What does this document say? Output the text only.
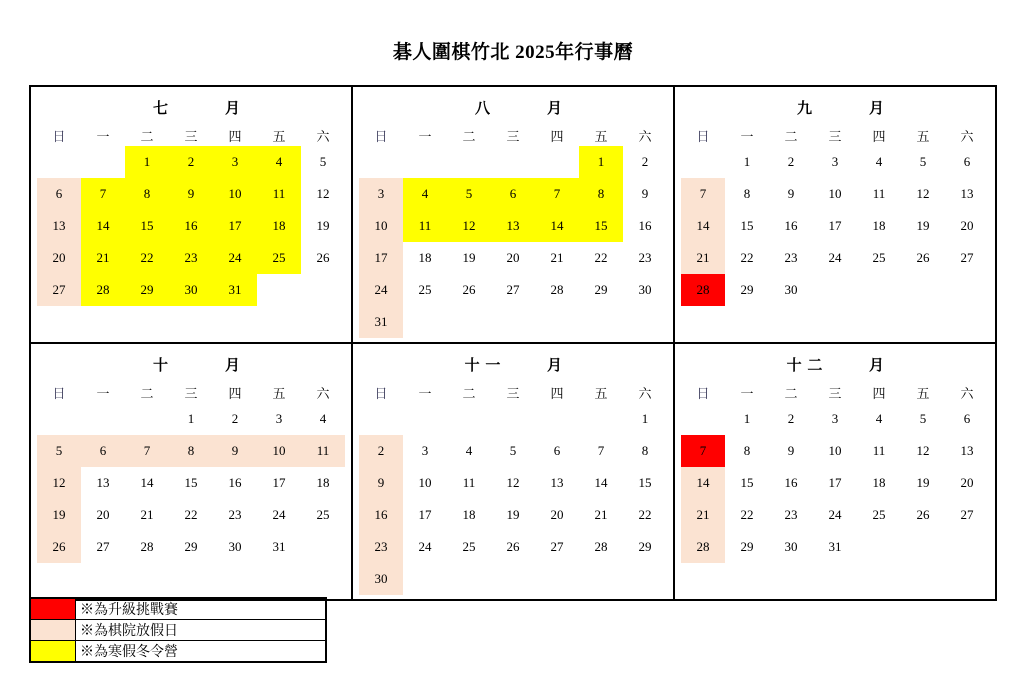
碁人圍棋竹北 2025年行事曆
七	月
日	一	二	三	四	五	六
		1	2	3	4	5
6	7	8	9	10	11	12
13	14	15	16	17	18	19
20	21	22	23	24	25	26
27	28	29	30	31		

八	月
日	一	二	三	四	五	六
					1	2
3	4	5	6	7	8	9
10	11	12	13	14	15	16
17	18	19	20	21	22	23
24	25	26	27	28	29	30
31						

九	月
日	一	二	三	四	五	六
	1	2	3	4	5	6
7	8	9	10	11	12	13
14	15	16	17	18	19	20
21	22	23	24	25	26	27
28	29	30				

十	月
日	一	二	三	四	五	六
			1	2	3	4
5	6	7	8	9	10	11
12	13	14	15	16	17	18
19	20	21	22	23	24	25
26	27	28	29	30	31	

十 一	月
日	一	二	三	四	五	六
						1
2	3	4	5	6	7	8
9	10	11	12	13	14	15
16	17	18	19	20	21	22
23	24	25	26	27	28	29
30						

十 二	月
日	一	二	三	四	五	六
	1	2	3	4	5	6
7	8	9	10	11	12	13
14	15	16	17	18	19	20
21	22	23	24	25	26	27
28	29	30	31			
	※為升級挑戰賽
	※為棋院放假日
	※為寒假冬令營
